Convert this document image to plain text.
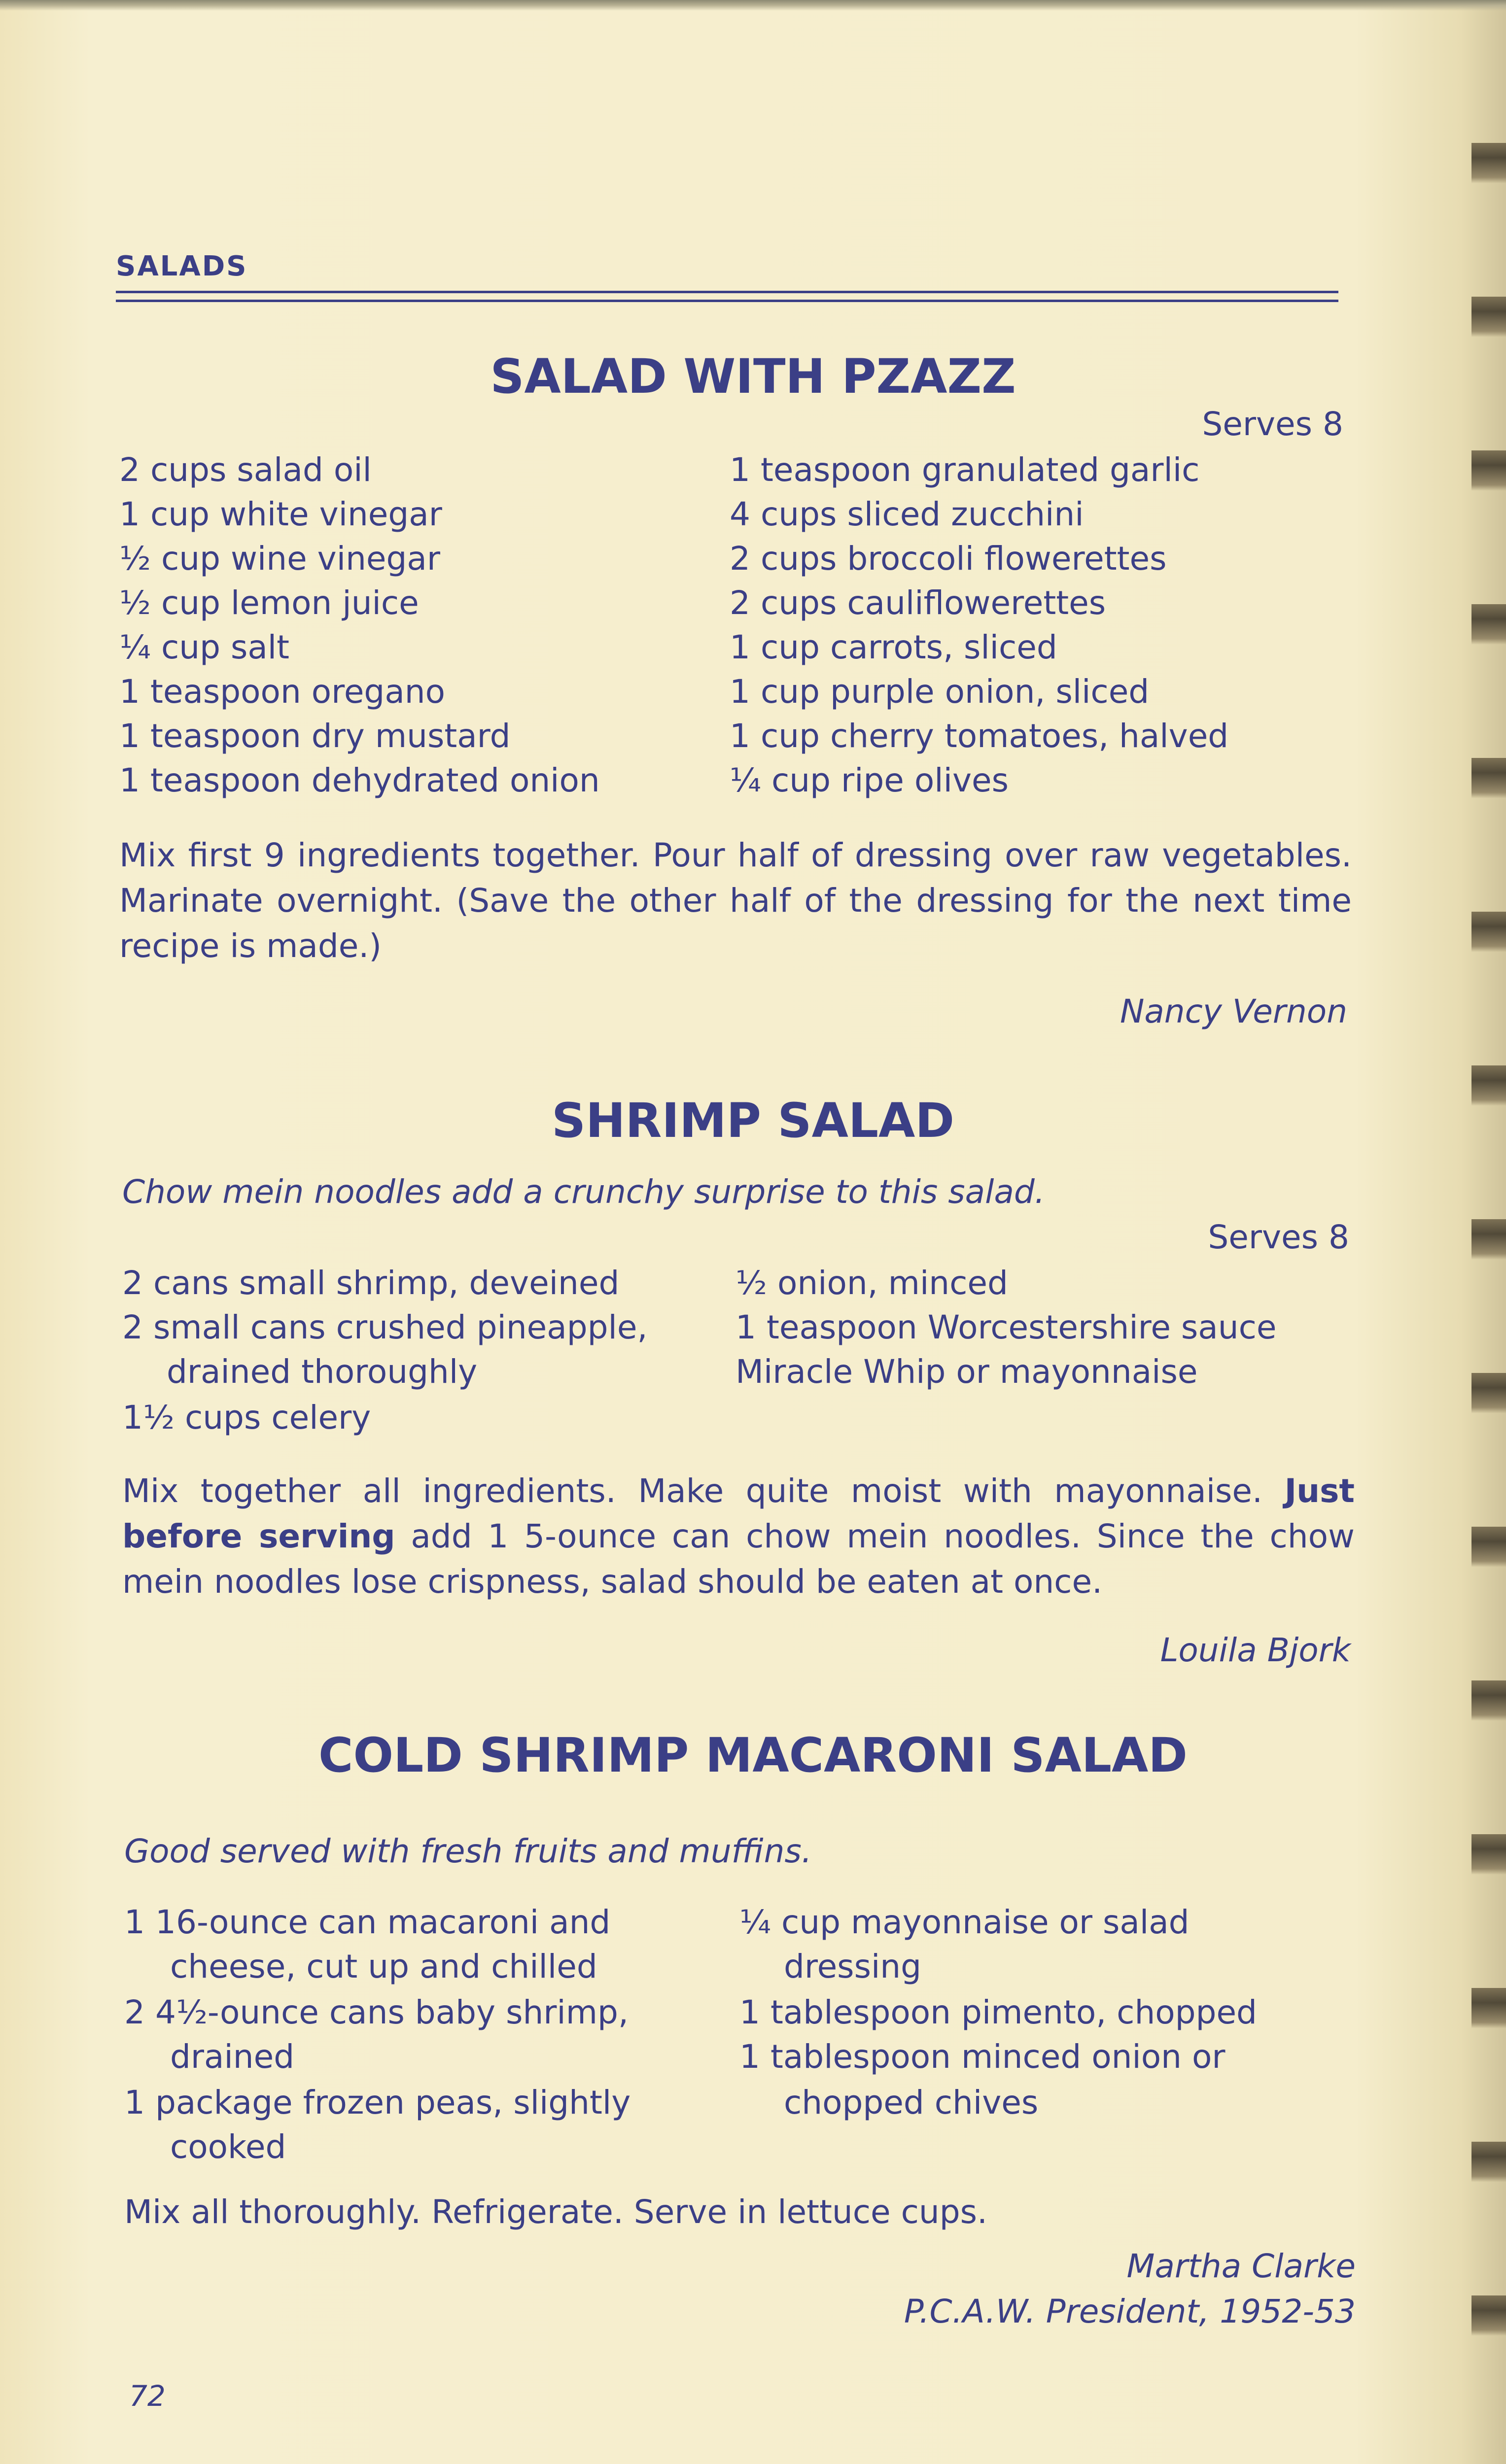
SALADS
SALAD WITH PZAZZ
Serves 8
2 cups salad oil
1 cup white vinegar
½ cup wine vinegar
½ cup lemon juice
¼ cup salt
1 teaspoon oregano
1 teaspoon dry mustard
1 teaspoon dehydrated onion
1 teaspoon granulated garlic
4 cups sliced zucchini
2 cups broccoli flowerettes
2 cups cauliflowerettes
1 cup carrots, sliced
1 cup purple onion, sliced
1 cup cherry tomatoes, halved
¼ cup ripe olives
Mix first 9 ingredients together. Pour half of dressing over raw vegetables. Marinate overnight. (Save the other half of the dressing for the next time recipe is made.)
Nancy Vernon
SHRIMP SALAD
Chow mein noodles add a crunchy surprise to this salad.
Serves 8
2 cans small shrimp, deveined
2 small cans crushed pineapple,
drained thoroughly
1½ cups celery
½ onion, minced
1 teaspoon Worcestershire sauce
Miracle Whip or mayonnaise
Mix together all ingredients. Make quite moist with mayonnaise. Just before serving add 1 5-ounce can chow mein noodles. Since the chow mein noodles lose crispness, salad should be eaten at once.
Louila Bjork
COLD SHRIMP MACARONI SALAD
Good served with fresh fruits and muffins.
1 16-ounce can macaroni and
cheese, cut up and chilled
2 4½-ounce cans baby shrimp,
drained
1 package frozen peas, slightly
cooked
¼ cup mayonnaise or salad
dressing
1 tablespoon pimento, chopped
1 tablespoon minced onion or
chopped chives
Mix all thoroughly. Refrigerate. Serve in lettuce cups.
Martha Clarke
P.C.A.W. President, 1952-53
72
